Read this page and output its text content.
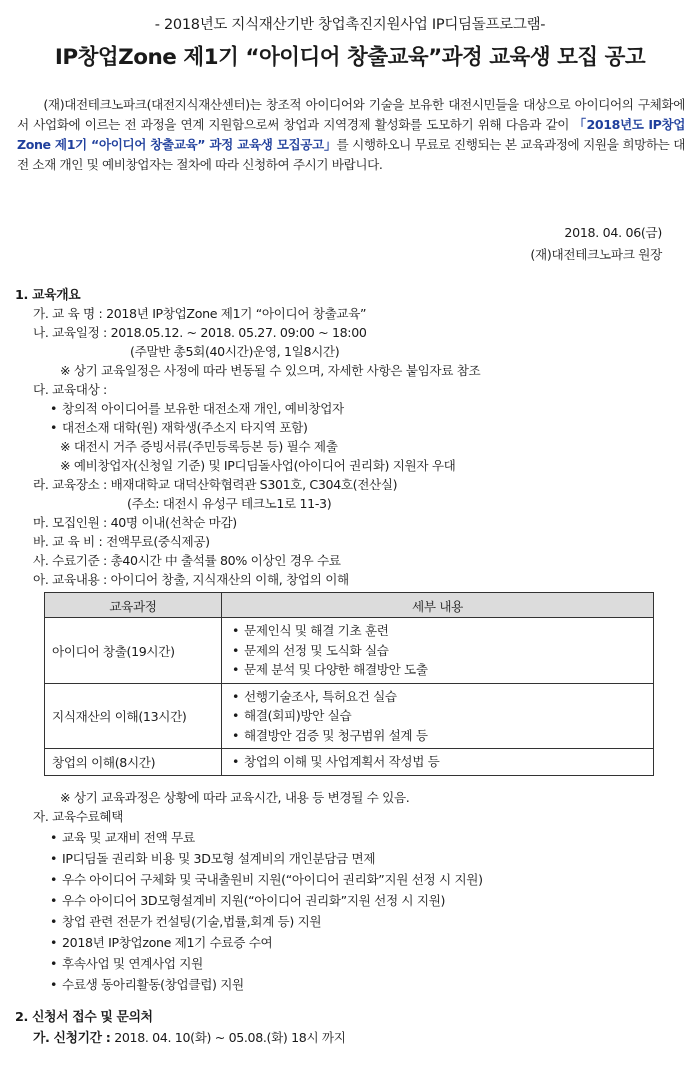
- 2018년도 지식재산기반 창업촉진지원사업 IP디딤돌프로그램-
IP창업Zone 제1기 “아이디어 창출교육”과정 교육생 모집 공고
(재)대전테크노파크(대전지식재산센터)는 창조적 아이디어와 기술을 보유한 대전시민들을 대상으로 아이디어의 구체화에서 사업화에 이르는 전 과정을 연계 지원함으로써 창업과 지역경제 활성화를 도모하기 위해 다음과 같이 「2018년도 IP창업Zone 제1기 “아이디어 창출교육” 과정 교육생 모집공고」를 시행하오니 무료로 진행되는 본 교육과정에 지원을 희망하는 대전 소재 개인 및 예비창업자는 절차에 따라 신청하여 주시기 바랍니다.
2018. 04. 06(금)
(재)대전테크노파크 원장
1. 교육개요
가. 교 육 명 : 2018년 IP창업Zone 제1기 “아이디어 창출교육”
나. 교육일정 : 2018.05.12. ~ 2018. 05.27. 09:00 ~ 18:00
(주말반 총5회(40시간)운영, 1일8시간)
※ 상기 교육일정은 사정에 따라 변동될 수 있으며, 자세한 사항은 붙임자료 참조
다. 교육대상 :
• 창의적 아이디어를 보유한 대전소재 개인, 예비창업자
• 대전소재 대학(원) 재학생(주소지 타지역 포함)
※ 대전시 거주 증빙서류(주민등록등본 등) 필수 제출
※ 예비창업자(신청일 기준) 및 IP디딤돌사업(아이디어 권리화) 지원자 우대
라. 교육장소 : 배재대학교 대덕산학협력관 S301호, C304호(전산실)
(주소: 대전시 유성구 테크노1로 11-3)
마. 모집인원 : 40명 이내(선착순 마감)
바. 교 육 비 : 전액무료(중식제공)
사. 수료기준 : 총40시간 中 출석률 80% 이상인 경우 수료
아. 교육내용 : 아이디어 창출, 지식재산의 이해, 창업의 이해
교육과정	세부 내용
아이디어 창출(19시간)	• 문제인식 및 해결 기초 훈련
• 문제의 선정 및 도식화 실습
• 문제 분석 및 다양한 해결방안 도출

지식재산의 이해(13시간)	• 선행기술조사, 특허요건 실습
• 해결(회피)방안 실습
• 해결방안 검증 및 청구범위 설계 등

창업의 이해(8시간)	• 창업의 이해 및 사업계획서 작성법 등
※ 상기 교육과정은 상황에 따라 교육시간, 내용 등 변경될 수 있음.
자. 교육수료혜택
• 교육 및 교재비 전액 무료
• IP디딤돌 권리화 비용 및 3D모형 설계비의 개인분담금 면제
• 우수 아이디어 구체화 및 국내출원비 지원(“아이디어 권리화”지원 선정 시 지원)
• 우수 아이디어 3D모형설계비 지원(“아이디어 권리화”지원 선정 시 지원)
• 창업 관련 전문가 컨설팅(기술,법률,회계 등) 지원
• 2018년 IP창업zone 제1기 수료증 수여
• 후속사업 및 연계사업 지원
• 수료생 동아리활동(창업클럽) 지원
2. 신청서 접수 및 문의처
가. 신청기간 : 2018. 04. 10(화) ~ 05.08.(화) 18시 까지
